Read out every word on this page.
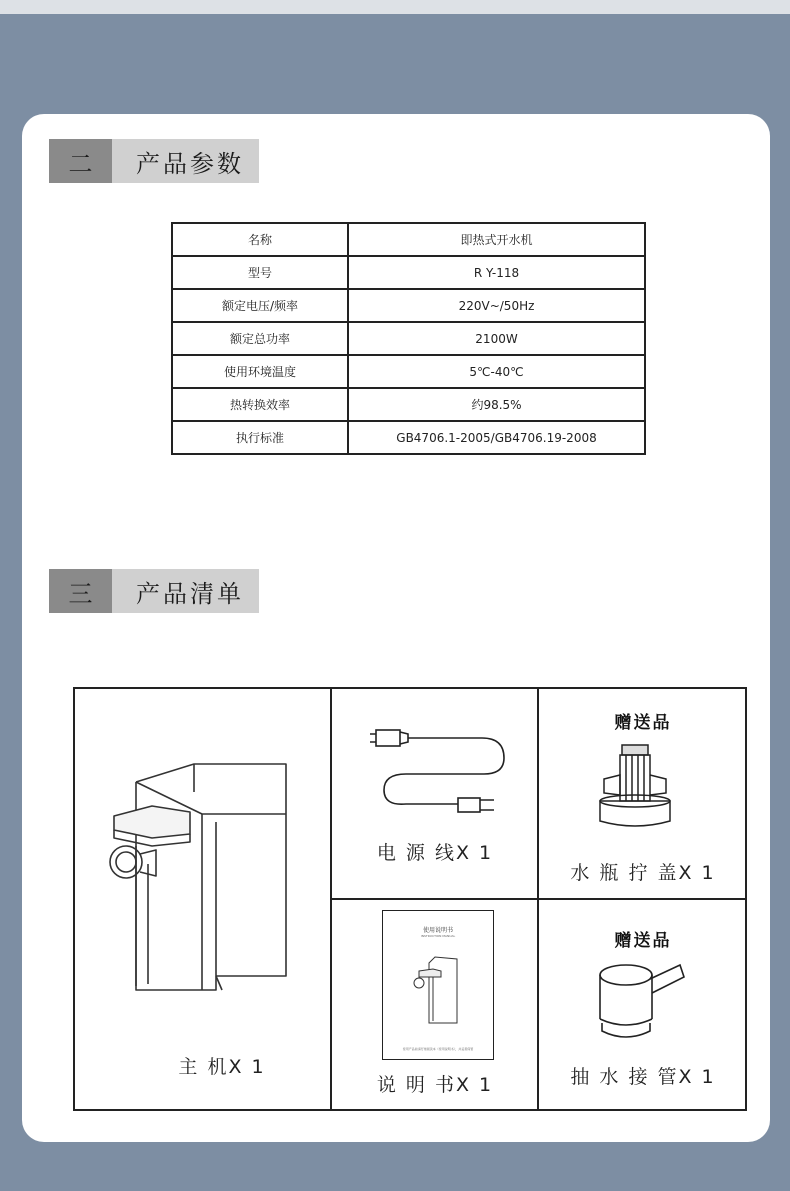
二	产品参数
名称	即热式开水机
型号	R Y-118
额定电压/频率	220V~/50Hz
额定总功率	2100W
使用环境温度	5℃-40℃
热转换效率	约98.5%
执行标准	GB4706.1-2005/GB4706.19-2008
三	产品清单
使用说明书
INSTRUCTION MANUAL
使用产品前请仔细阅读本《使用说明书》，并妥善保管
主 机X 1
电 源 线X 1
水 瓶 拧 盖X 1
说 明 书X 1	抽 水 接 管X 1
赠送品
赠送品
